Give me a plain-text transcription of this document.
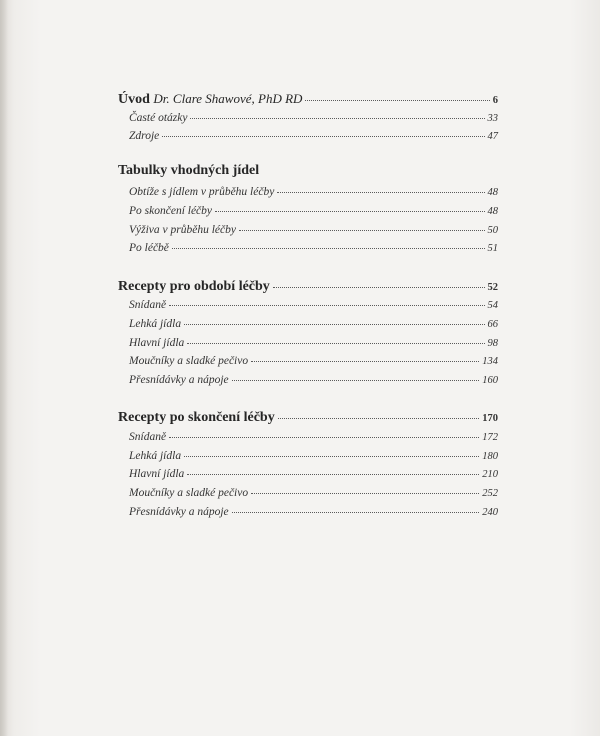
Úvod Dr. Clare Shawové, PhD RD	6
Časté otázky	33
Zdroje	47
Tabulky vhodných jídel
Obtíže s jídlem v průběhu léčby	48
Po skončení léčby	48
Výživa v průběhu léčby	50
Po léčbě	51
Recepty pro období léčby	52
Snídaně	54
Lehká jídla	66
Hlavní jídla	98
Moučníky a sladké pečivo	134
Přesnídávky a nápoje	160
Recepty po skončení léčby	170
Snídaně	172
Lehká jídla	180
Hlavní jídla	210
Moučníky a sladké pečivo	252
Přesnídávky a nápoje	240
